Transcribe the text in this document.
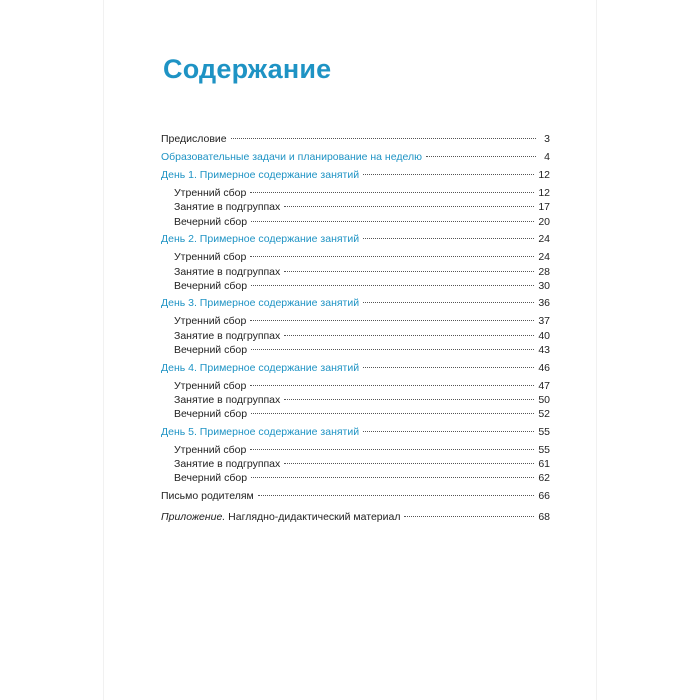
Содержание
Предисловие	3
Образовательные задачи и планирование на неделю	4
День 1. Примерное содержание занятий	12
Утренний сбор	12
Занятие в подгруппах	17
Вечерний сбор	20
День 2. Примерное содержание занятий	24
Утренний сбор	24
Занятие в подгруппах	28
Вечерний сбор	30
День 3. Примерное содержание занятий	36
Утренний сбор	37
Занятие в подгруппах	40
Вечерний сбор	43
День 4. Примерное содержание занятий	46
Утренний сбор	47
Занятие в подгруппах	50
Вечерний сбор	52
День 5. Примерное содержание занятий	55
Утренний сбор	55
Занятие в подгруппах	61
Вечерний сбор	62
Письмо родителям	66
Приложение. Наглядно-дидактический материал	68
